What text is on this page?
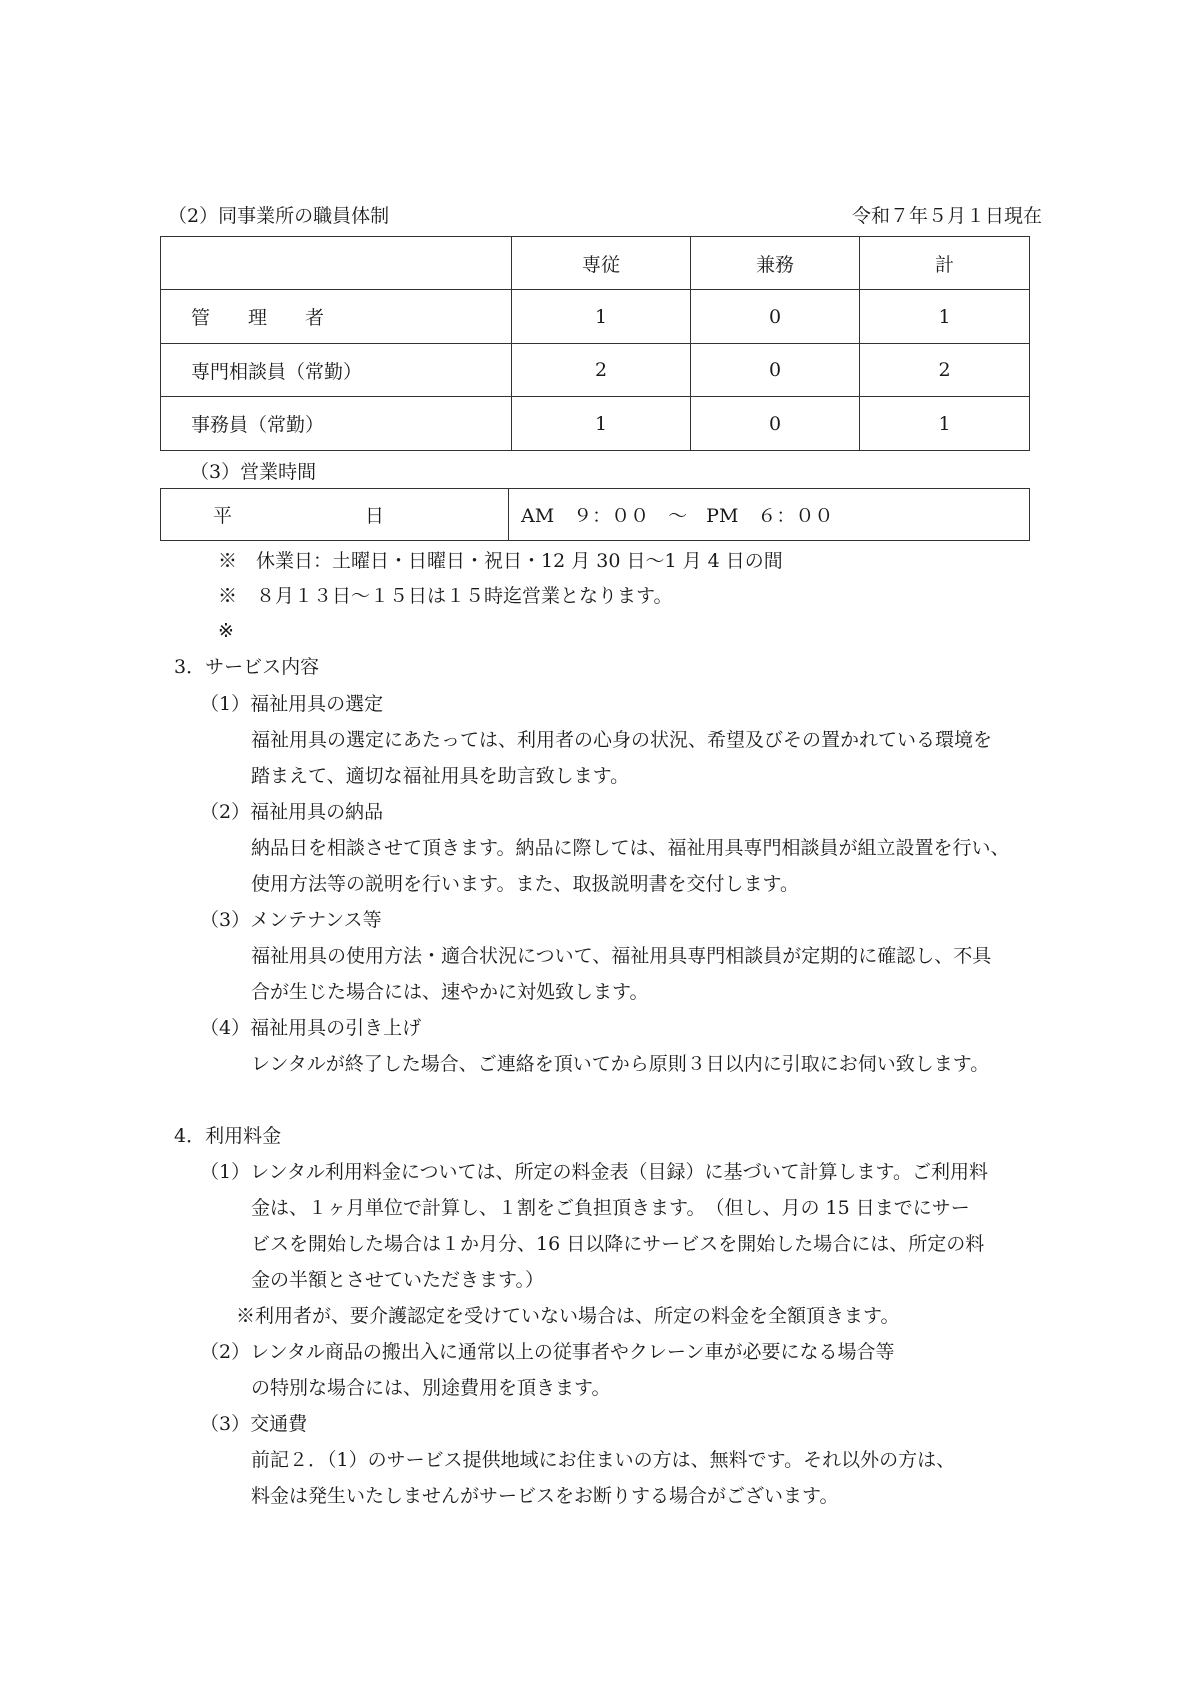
（2）同事業所の職員体制	令和７年５月１日現在
	専従	兼務	計
管　　理　　者	1	0	1
専門相談員（常勤）	2	0	2
事務員（常勤）	1	0	1
（3）営業時間
平　　　　　　　日	AM　９：００　～　PM　６：００
※　休業日：土曜日・日曜日・祝日・12 月 30 日～1 月 4 日の間
※　８月１３日～１５日は１５時迄営業となります。
※
3．サービス内容
（1）福祉用具の選定
福祉用具の選定にあたっては、利用者の心身の状況、希望及びその置かれている環境を
踏まえて、適切な福祉用具を助言致します。
（2）福祉用具の納品
納品日を相談させて頂きます。納品に際しては、福祉用具専門相談員が組立設置を行い、
使用方法等の説明を行います。また、取扱説明書を交付します。
（3）メンテナンス等
福祉用具の使用方法・適合状況について、福祉用具専門相談員が定期的に確認し、不具
合が生じた場合には、速やかに対処致します。
（4）福祉用具の引き上げ
レンタルが終了した場合、ご連絡を頂いてから原則３日以内に引取にお伺い致します。
4．利用料金
（1）レンタル利用料金については、所定の料金表（目録）に基づいて計算します。ご利用料
金は、１ヶ月単位で計算し、１割をご負担頂きます。　（但し、月の 15 日までにサー
ビスを開始した場合は１か月分、16 日以降にサービスを開始した場合には、所定の料
金の半額とさせていただきます。）
※利用者が、要介護認定を受けていない場合は、所定の料金を全額頂きます。
（2）レンタル商品の搬出入に通常以上の従事者やクレーン車が必要になる場合等
の特別な場合には、別途費用を頂きます。
（3）交通費
前記２．（1）のサービス提供地域にお住まいの方は、無料です。それ以外の方は、
料金は発生いたしませんがサービスをお断りする場合がございます。
